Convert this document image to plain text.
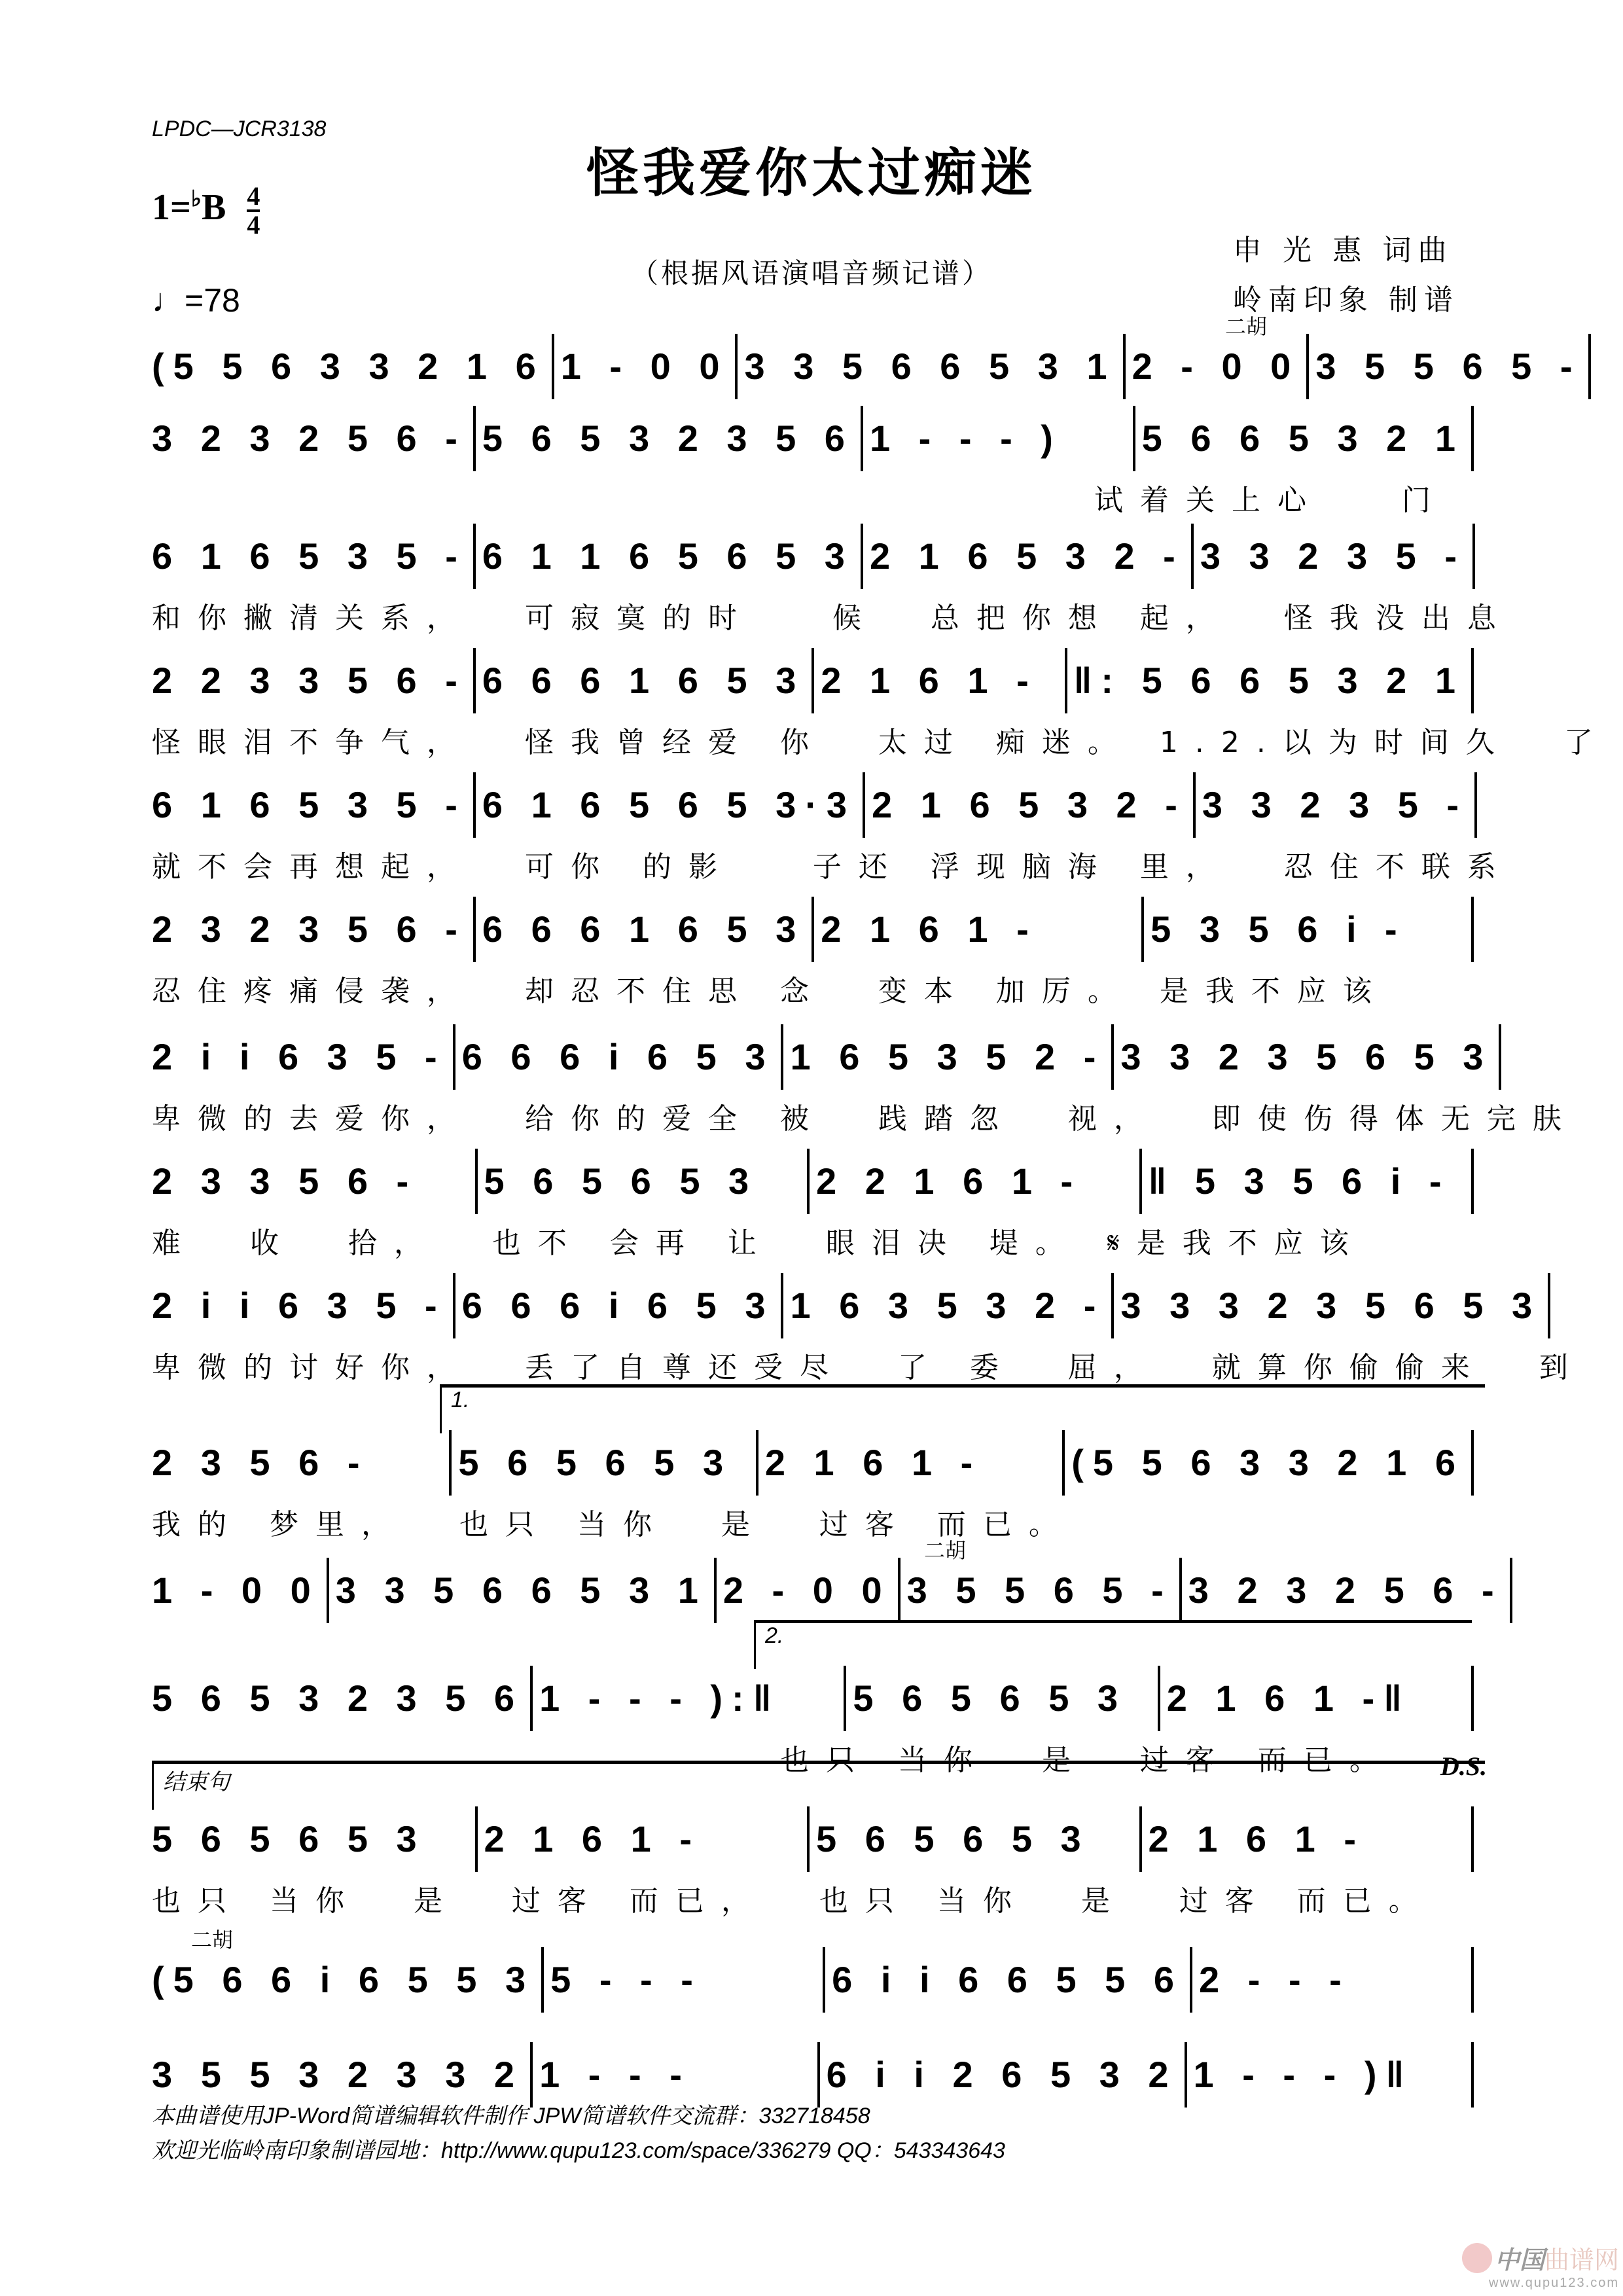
LPDC—JCR3138
怪我爱你太过痴迷
$1=^♭B \frac{4}{4}$
♩=78
（根据风语演唱音频记谱）
申 光 惠 词曲
岭南印象 制谱
二胡
(5 5 6 3 3 2 1 6 1 - 0 0 3 3 5 6 6 5 3 1 2 - 0 0 3 5 5 6 5 -
3 2 3 2 5 6 - 5 6 5 3 2 3 5 6 1 - - - )	5 6 6 5 3 2 1
试着关上心   门
6 1 6 5 3 5 - 6 1 1 6 5 6 5 3 2 1 6 5 3 2 - 3 3 2 3 5 -
和你撇清关系，  可寂寞的时   候  总把你想 起，  怪我没出息
2 2 3 3 5 6 - 6 6 6 1 6 5 3 2 1 6 1 - ‖: 5 6 6 5 3 2 1
怪眼泪不争气，  怪我曾经爱 你  太过 痴迷。 1.2.以为时间久  了
6 1 6 5 3 5 - 6 1 6 5 6 5 3·3 2 1 6 5 3 2 - 3 3 2 3 5 -
就不会再想起，  可你 的影   子还 浮现脑海 里，  忍住不联系
2 3 2 3 5 6 - 6 6 6 1 6 5 3 2 1 6 1 -	5 3 5 6 i -
忍住疼痛侵袭，  却忍不住思 念  变本 加厉。 是我不应该
2 i i 6 3 5 - 6 6 6 i 6 5 3 1 6 5 3 5 2 - 3 3 2 3 5 6 5 3
卑微的去爱你，  给你的爱全 被  践踏忽  视，  即使伤得体无完肤
2 3 3 5 6 -	5 6 5 6 5 3	2 2 1 6 1 -	‖ 5 3 5 6 i -
难  收  拾，  也不 会再 让  眼泪决 堤。 𝄋是我不应该
2 i i 6 3 5 - 6 6 6 i 6 5 3 1 6 3 5 3 2 - 3 3 3 2 3 5 6 5 3
卑微的讨好你，  丢了自尊还受尽  了 委  屈，  就算你偷偷来  到
1.
2 3 5 6 -	5 6 5 6 5 3 2 1 6 1 -	(5 5 6 3 3 2 1 6
我的 梦里，  也只 当你  是  过客 而已。
二胡
1 - 0 0 3 3 5 6 6 5 3 1 2 - 0 0 3 5 5 6 5 - 3 2 3 2 5 6 -
2.
5 6 5 3 2 3 5 6 1 - - - ):‖	5 6 5 6 5 3	2 1 6 1 -‖
也只 当你  是  过客 而已。	D.S.
结束句
5 6 5 6 5 3	2 1 6 1 -	5 6 5 6 5 3	2 1 6 1 -
也只 当你  是  过客 而已，  也只 当你  是  过客 而已。
二胡
(5 6 6 i 6 5 5 3 5 - - -	6 i i 6 6 5 5 6 2 - - -
3 5 5 3 2 3 3 2 1 - - -	6 i i 2 6 5 3 2 1 - - - )‖
本曲谱使用JP-Word简谱编辑软件制作 JPW简谱软件交流群：332718458
欢迎光临岭南印象制谱园地：http://www.qupu123.com/space/336279 QQ：543343643
中国曲谱网
www.qupu123.com
